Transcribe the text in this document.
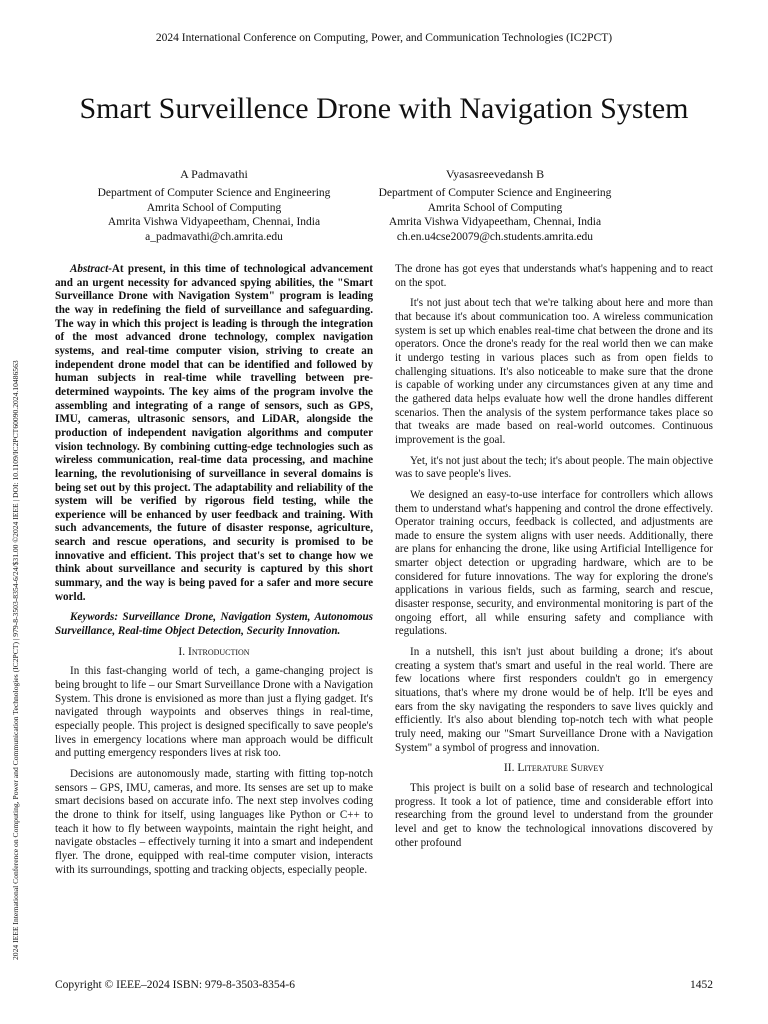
2024 International Conference on Computing, Power, and Communication Technologies (IC2PCT)
2024 IEEE International Conference on Computing, Power and Communication Technologies (IC2PCT) | 979-8-3503-8354-6/24/$31.00 ©2024 IEEE | DOI: 10.1109/IC2PCT60090.2024.10486563
Smart Surveillence Drone with Navigation System
A Padmavathi
Department of Computer Science and Engineering
Amrita School of Computing
Amrita Vishwa Vidyapeetham, Chennai, India
a_padmavathi@ch.amrita.edu
Vyasasreevedansh B
Department of Computer Science and Engineering
Amrita School of Computing
Amrita Vishwa Vidyapeetham, Chennai, India
ch.en.u4cse20079@ch.students.amrita.edu

Abstract-At present, in this time of technological advancement and an urgent necessity for advanced spying abilities, the "Smart Surveillance Drone with Navigation System" program is leading the way in redefining the field of surveillance and safeguarding. The way in which this project is leading is through the integration of the most advanced drone technology, complex navigation systems, and real-time computer vision, striving to create an independent drone model that can be identified and followed by human subjects in real-time while travelling between pre-determined waypoints. The key aims of the program involve the assembling and integrating of a range of sensors, such as GPS, IMU, cameras, ultrasonic sensors, and LiDAR, alongside the production of independent navigation algorithms and computer vision technology. By combining cutting-edge technologies such as wireless communication, real-time data processing, and machine learning, the revolutionising of surveillance in several domains is being set out by this project. The adaptability and reliability of the system will be verified by rigorous field testing, while the experience will be enhanced by user feedback and training. With such advancements, the future of disaster response, agriculture, search and rescue operations, and security is promised to be innovative and efficient. This project that's set to change how we think about surveillance and security is captured by this short summary, and the way is being paved for a safer and more secure world.

Keywords: Surveillance Drone, Navigation System, Autonomous Surveillance, Real-time Object Detection, Security Innovation.

I. Introduction

In this fast-changing world of tech, a game-changing project is being brought to life – our Smart Surveillance Drone with a Navigation System. This drone is envisioned as more than just a flying gadget. It's navigated through waypoints and observes things in real-time, especially people. This project is designed specifically to save people's lives in emergency locations where man approach would be difficult and putting emergency responders lives at risk too.

Decisions are autonomously made, starting with fitting top-notch sensors – GPS, IMU, cameras, and more. Its senses are set up to make smart decisions based on accurate info. The next step involves coding the drone to think for itself, using languages like Python or C++ to teach it how to fly between waypoints, maintain the right height, and navigate obstacles – effectively turning it into a smart and independent flyer. The drone, equipped with real-time computer vision, interacts with its surroundings, spotting and tracking objects, especially people.

The drone has got eyes that understands what's happening and to react on the spot.

It's not just about tech that we're talking about here and more than that because it's about communication too. A wireless communication system is set up which enables real-time chat between the drone and its operators. Once the drone's ready for the real world then we can make it undergo testing in various places such as from open fields to challenging situations. It's also noticeable to make sure that the drone is capable of working under any circumstances given at any time and the gathered data helps evaluate how well the drone handles different scenarios. Then the analysis of the system performance takes place so that tweaks are made based on real-world outcomes. Continuous improvement is the goal.

Yet, it's not just about the tech; it's about people. The main objective was to save people's lives.

We designed an easy-to-use interface for controllers which allows them to understand what's happening and control the drone effectively. Operator training occurs, feedback is collected, and adjustments are made to ensure the system aligns with user needs. Additionally, there are plans for enhancing the drone, like using Artificial Intelligence for smarter object detection or upgrading hardware, which are to be considered for future innovations. The way for exploring the drone's applications in various fields, such as farming, search and rescue, disaster response, security, and environmental monitoring is part of the ongoing effort, all while ensuring safety and compliance with regulations.

In a nutshell, this isn't just about building a drone; it's about creating a system that's smart and useful in the real world. There are few locations where first responders couldn't go in emergency situations, that's where my drone would be of help. It'll be eyes and ears from the sky navigating the responders to save lives quickly and efficiently. It's also about blending top-notch tech with what people truly need, making our "Smart Surveillance Drone with a Navigation System" a symbol of progress and innovation.

II. Literature Survey

This project is built on a solid base of research and technological progress. It took a lot of patience, time and considerable effort into researching from the ground level to understand from the grounder level and get to know the technological innovations discovered by other profound

Copyright © IEEE–2024 ISBN: 979-8-3503-8354-6	1452
